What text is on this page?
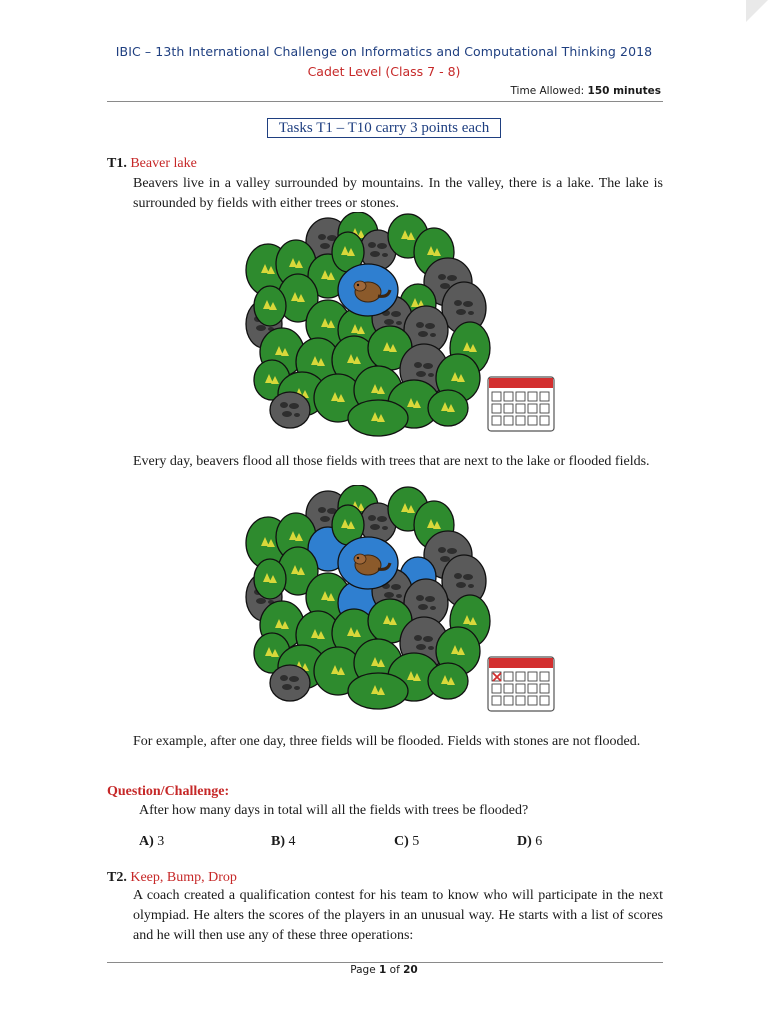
IBIC – 13th International Challenge on Informatics and Computational Thinking 2018
Cadet Level (Class 7 - 8)
Time Allowed: 150 minutes
Tasks T1 – T10 carry 3 points each
T1. Beaver lake
Beavers live in a valley surrounded by mountains. In the valley, there is a lake. The lake is surrounded by fields with either trees or stones.
Every day, beavers flood all those fields with trees that are next to the lake or flooded fields.
For example, after one day, three fields will be flooded. Fields with stones are not flooded.
Question/Challenge:
After how many days in total will all the fields with trees be flooded?
A) 3	B) 4	C) 5	D) 6
T2. Keep, Bump, Drop
A coach created a qualification contest for his team to know who will participate in the next olympiad. He alters the scores of the players in an unusual way. He starts with a list of scores and he will then use any of these three operations:
Page 1 of 20
